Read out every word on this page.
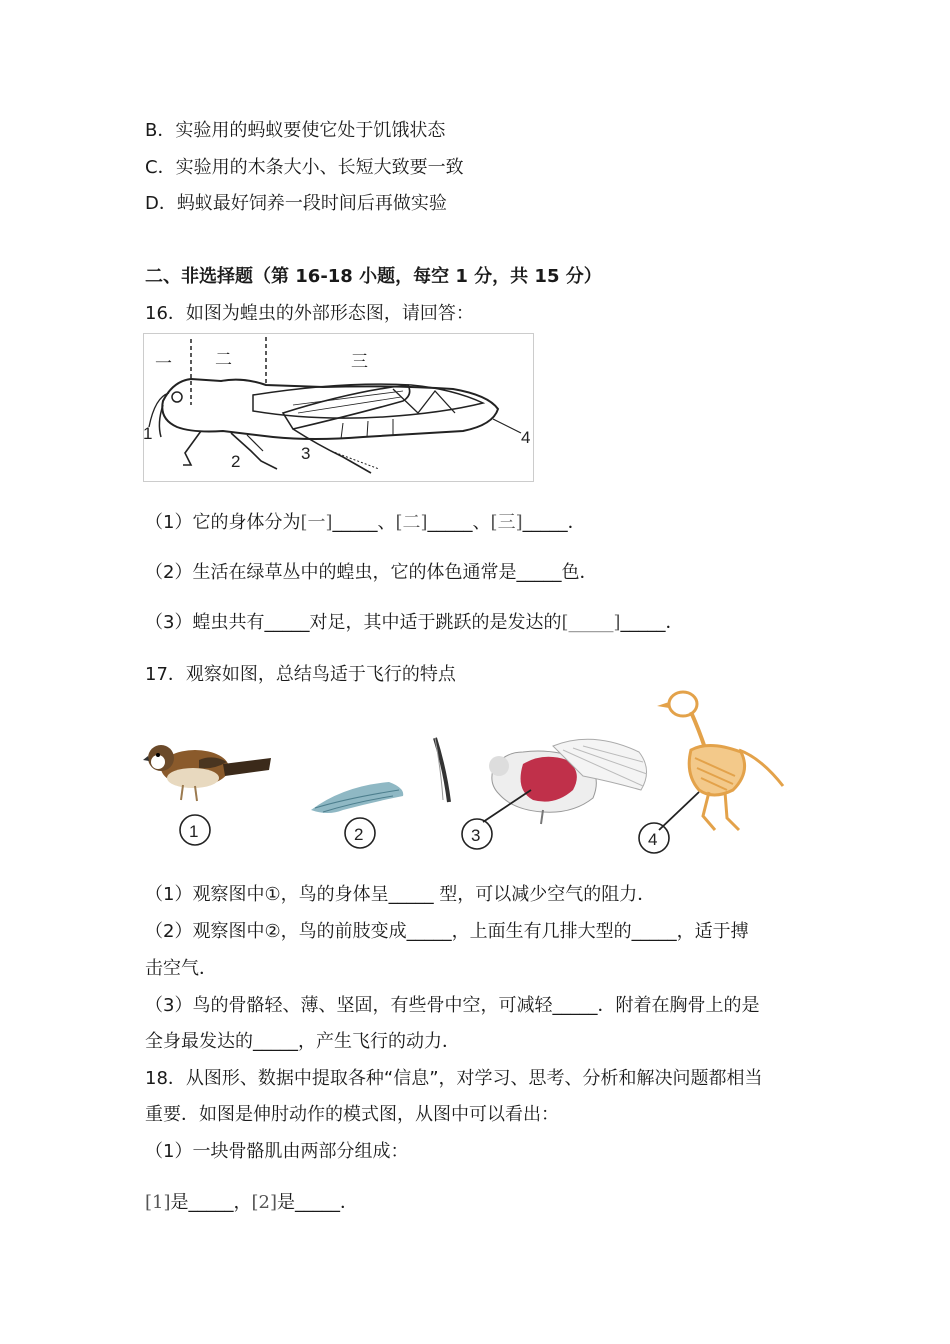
B．实验用的蚂蚁要使它处于饥饿状态
C．实验用的木条大小、长短大致要一致
D．蚂蚁最好饲养一段时间后再做实验
二、非选择题（第 16-18 小题，每空 1 分，共 15 分）
16．如图为蝗虫的外部形态图，请回答：
一	二	三
1
2	3
4
（1）它的身体分为[一]_____、[二]_____、[三]_____．
（2）生活在绿草丛中的蝗虫，它的体色通常是_____色．
（3）蝗虫共有_____对足，其中适于跳跃的是发达的[_____]_____．
17．观察如图，总结鸟适于飞行的特点
1	2	3	4
（1）观察图中①，鸟的身体呈_____ 型，可以减少空气的阻力．
（2）观察图中②，鸟的前肢变成_____，上面生有几排大型的_____，适于搏
击空气．
（3）鸟的骨骼轻、薄、坚固，有些骨中空，可减轻_____．附着在胸骨上的是
全身最发达的_____，产生飞行的动力．
18．从图形、数据中提取各种“信息”，对学习、思考、分析和解决问题都相当
重要．如图是伸肘动作的模式图，从图中可以看出：
（1）一块骨骼肌由两部分组成：
[1]是_____，[2]是_____．
